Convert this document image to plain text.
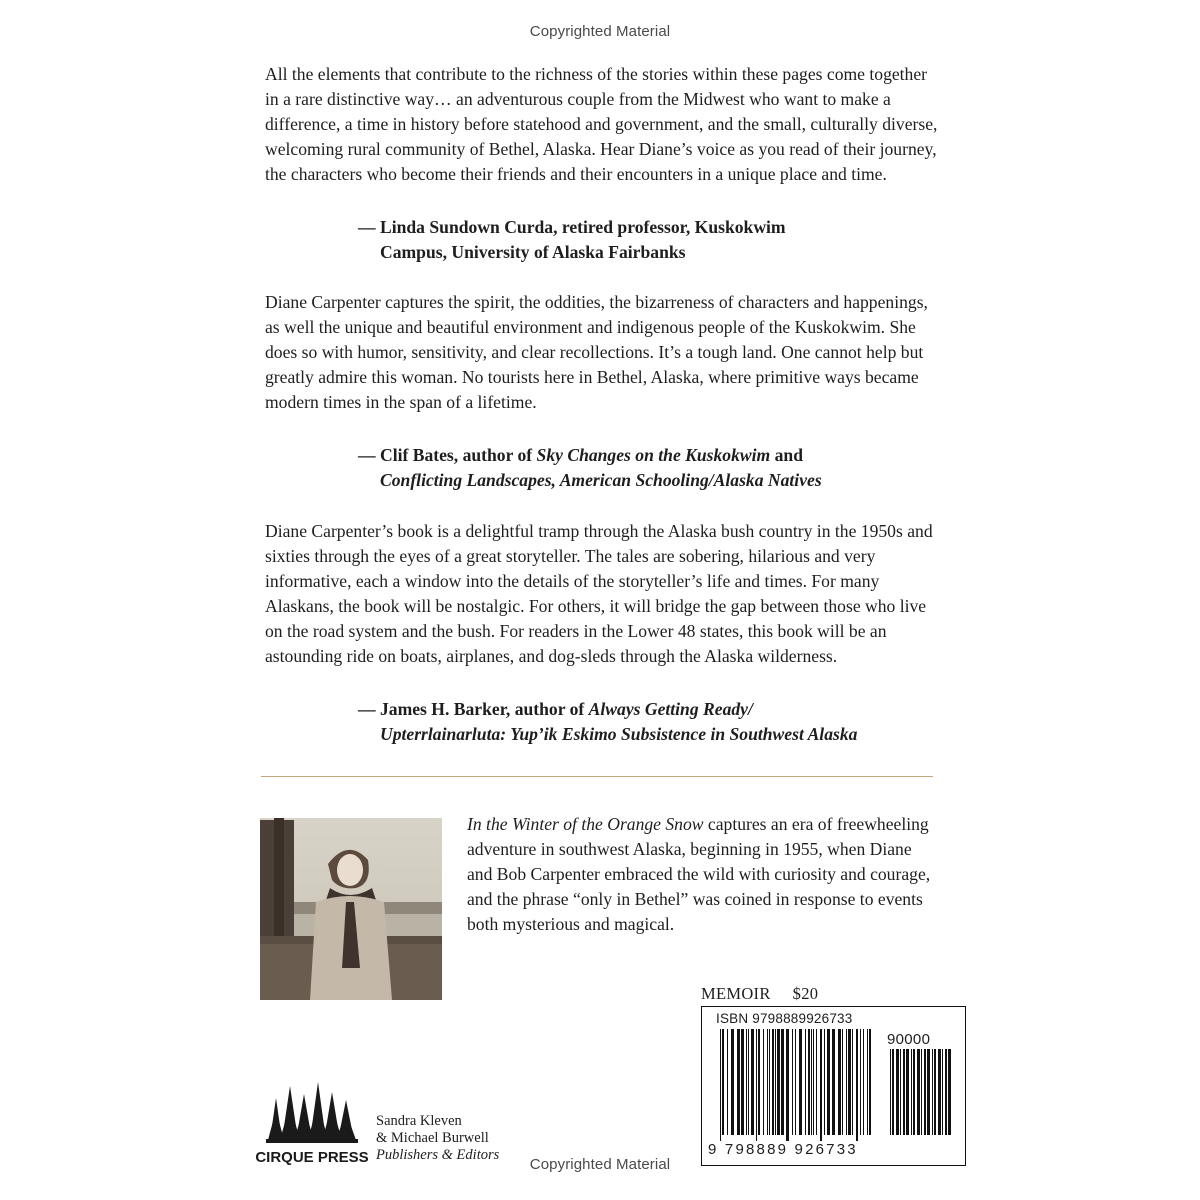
Copyrighted Material

All the elements that contribute to the richness of the stories within these pages come together in a rare distinctive way… an adventurous couple from the Midwest who want to make a difference, a time in history before statehood and government, and the small, culturally diverse, welcoming rural community of Bethel, Alaska. Hear Diane’s voice as you read of their journey, the characters who become their friends and their encounters in a unique place and time.

— Linda Sundown Curda, retired professor, Kuskokwim
Campus, University of Alaska Fairbanks

Diane Carpenter captures the spirit, the oddities, the bizarreness of characters and happenings, as well the unique and beautiful environment and indigenous people of the Kuskokwim. She does so with humor, sensitivity, and clear recollections. It’s a tough land. One cannot help but greatly admire this woman. No tourists here in Bethel, Alaska, where primitive ways became modern times in the span of a lifetime.

— Clif Bates, author of Sky Changes on the Kuskokwim and
Conflicting Landscapes, American Schooling/Alaska Natives

Diane Carpenter’s book is a delightful tramp through the Alaska bush country in the 1950s and sixties through the eyes of a great storyteller. The tales are sobering, hilarious and very informative, each a window into the details of the storyteller’s life and times. For many Alaskans, the book will be nostalgic. For others, it will bridge the gap between those who live on the road system and the bush. For readers in the Lower 48 states, this book will be an astounding ride on boats, airplanes, and dog-sleds through the Alaska wilderness.

— James H. Barker, author of Always Getting Ready/
Upterrlainarluta: Yup’ik Eskimo Subsistence in Southwest Alaska

In the Winter of the Orange Snow captures an era of freewheeling adventure in southwest Alaska, beginning in 1955, when Diane and Bob Carpenter embraced the wild with curiosity and courage, and the phrase “only in Bethel” was coined in response to events both mysterious and magical.

MEMOIR $20
ISBN 9798889926733
90000
9 798889 926733
CIRQUE PRESS
Sandra Kleven
& Michael Burwell
Publishers & Editors
Copyrighted Material
